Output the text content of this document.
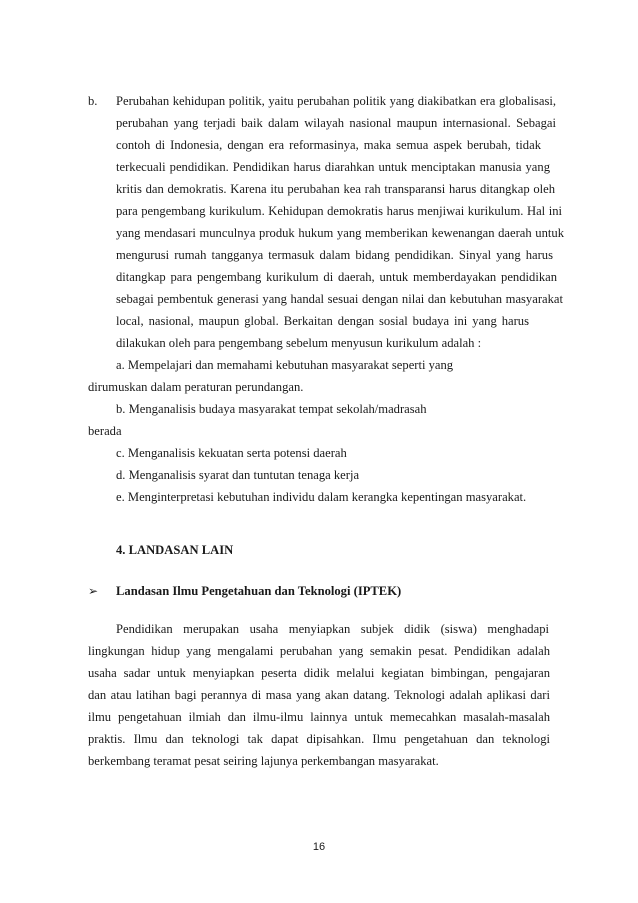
b. Perubahan kehidupan politik, yaitu perubahan politik yang diakibatkan era globalisasi,
perubahan yang terjadi baik dalam wilayah nasional maupun internasional. Sebagai
contoh di Indonesia, dengan era reformasinya, maka semua aspek berubah, tidak
terkecuali pendidikan. Pendidikan harus diarahkan untuk menciptakan manusia yang
kritis dan demokratis. Karena itu perubahan kea rah transparansi harus ditangkap oleh
para pengembang kurikulum. Kehidupan demokratis harus menjiwai kurikulum. Hal ini
yang mendasari munculnya produk hukum yang memberikan kewenangan daerah untuk
mengurusi rumah tangganya termasuk dalam bidang pendidikan. Sinyal yang harus
ditangkap para pengembang kurikulum di daerah, untuk memberdayakan pendidikan
sebagai pembentuk generasi yang handal sesuai dengan nilai dan kebutuhan masyarakat
local, nasional, maupun global. Berkaitan dengan sosial budaya ini yang harus
dilakukan oleh para pengembang sebelum menyusun kurikulum adalah :
a. Mempelajari dan memahami kebutuhan masyarakat seperti yang
dirumuskan dalam peraturan perundangan.
b. Menganalisis budaya masyarakat tempat sekolah/madrasah
berada
c. Menganalisis kekuatan serta potensi daerah
d. Menganalisis syarat dan tuntutan tenaga kerja
e. Menginterpretasi kebutuhan individu dalam kerangka kepentingan masyarakat.
4. LANDASAN LAIN
➢ Landasan Ilmu Pengetahuan dan Teknologi (IPTEK)
Pendidikan merupakan usaha menyiapkan subjek didik (siswa) menghadapi
lingkungan hidup yang mengalami perubahan yang semakin pesat. Pendidikan adalah
usaha sadar untuk menyiapkan peserta didik melalui kegiatan bimbingan, pengajaran
dan atau latihan bagi perannya di masa yang akan datang. Teknologi adalah aplikasi dari
ilmu pengetahuan ilmiah dan ilmu-ilmu lainnya untuk memecahkan masalah-masalah
praktis. Ilmu dan teknologi tak dapat dipisahkan. Ilmu pengetahuan dan teknologi
berkembang teramat pesat seiring lajunya perkembangan masyarakat.
16
